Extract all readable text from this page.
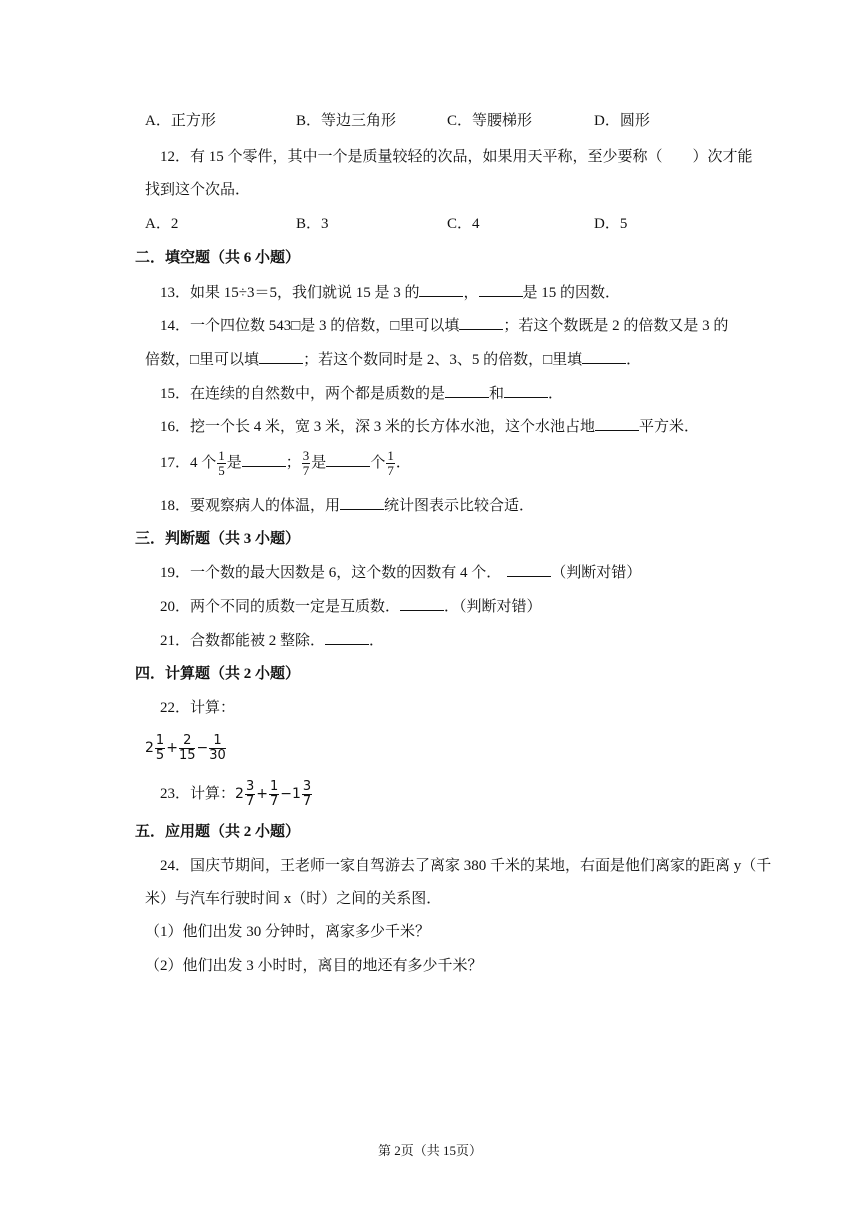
A．正方形	B．等边三角形	C．等腰梯形	D．圆形
12．有 15 个零件，其中一个是质量较轻的次品，如果用天平称，至少要称（　　）次才能
找到这个次品．
A．2	B．3	C．4	D．5
二．填空题（共 6 小题）
13．如果 15÷3＝5，我们就说 15 是 3 的	，	是 15 的因数．
14．一个四位数 543□是 3 的倍数，□里可以填	；若这个数既是 2 的倍数又是 3 的
倍数，□里可以填	；若这个数同时是 2、3、5 的倍数，□里填	．
15．在连续的自然数中，两个都是质数的是	和	．
16．挖一个长 4 米，宽 3 米，深 3 米的长方体水池，这个水池占地	平方米．
17．4 个 $\frac{1}{5}$ 是	； $\frac{3}{7}$ 是	个 $\frac{1}{7}$ ．
18．要观察病人的体温，用	统计图表示比较合适．
三．判断题（共 3 小题）
19．一个数的最大因数是 6，这个数的因数有 4 个．	（判断对错）
20．两个不同的质数一定是互质数．	．（判断对错）
21．合数都能被 2 整除．	．
四．计算题（共 2 小题）
22．计算：
$2 \frac{1}{5} + \frac{2}{15} - \frac{1}{30}$
23．计算：$2 \frac{3}{7} + \frac{1}{7} -1 \frac{3}{7}$
五．应用题（共 2 小题）
24．国庆节期间，王老师一家自驾游去了离家 380 千米的某地，右面是他们离家的距离 y（千
米）与汽车行驶时间 x（时）之间的关系图．
（1）他们出发 30 分钟时，离家多少千米？
（2）他们出发 3 小时时，离目的地还有多少千米？
第 2页（共 15页）
